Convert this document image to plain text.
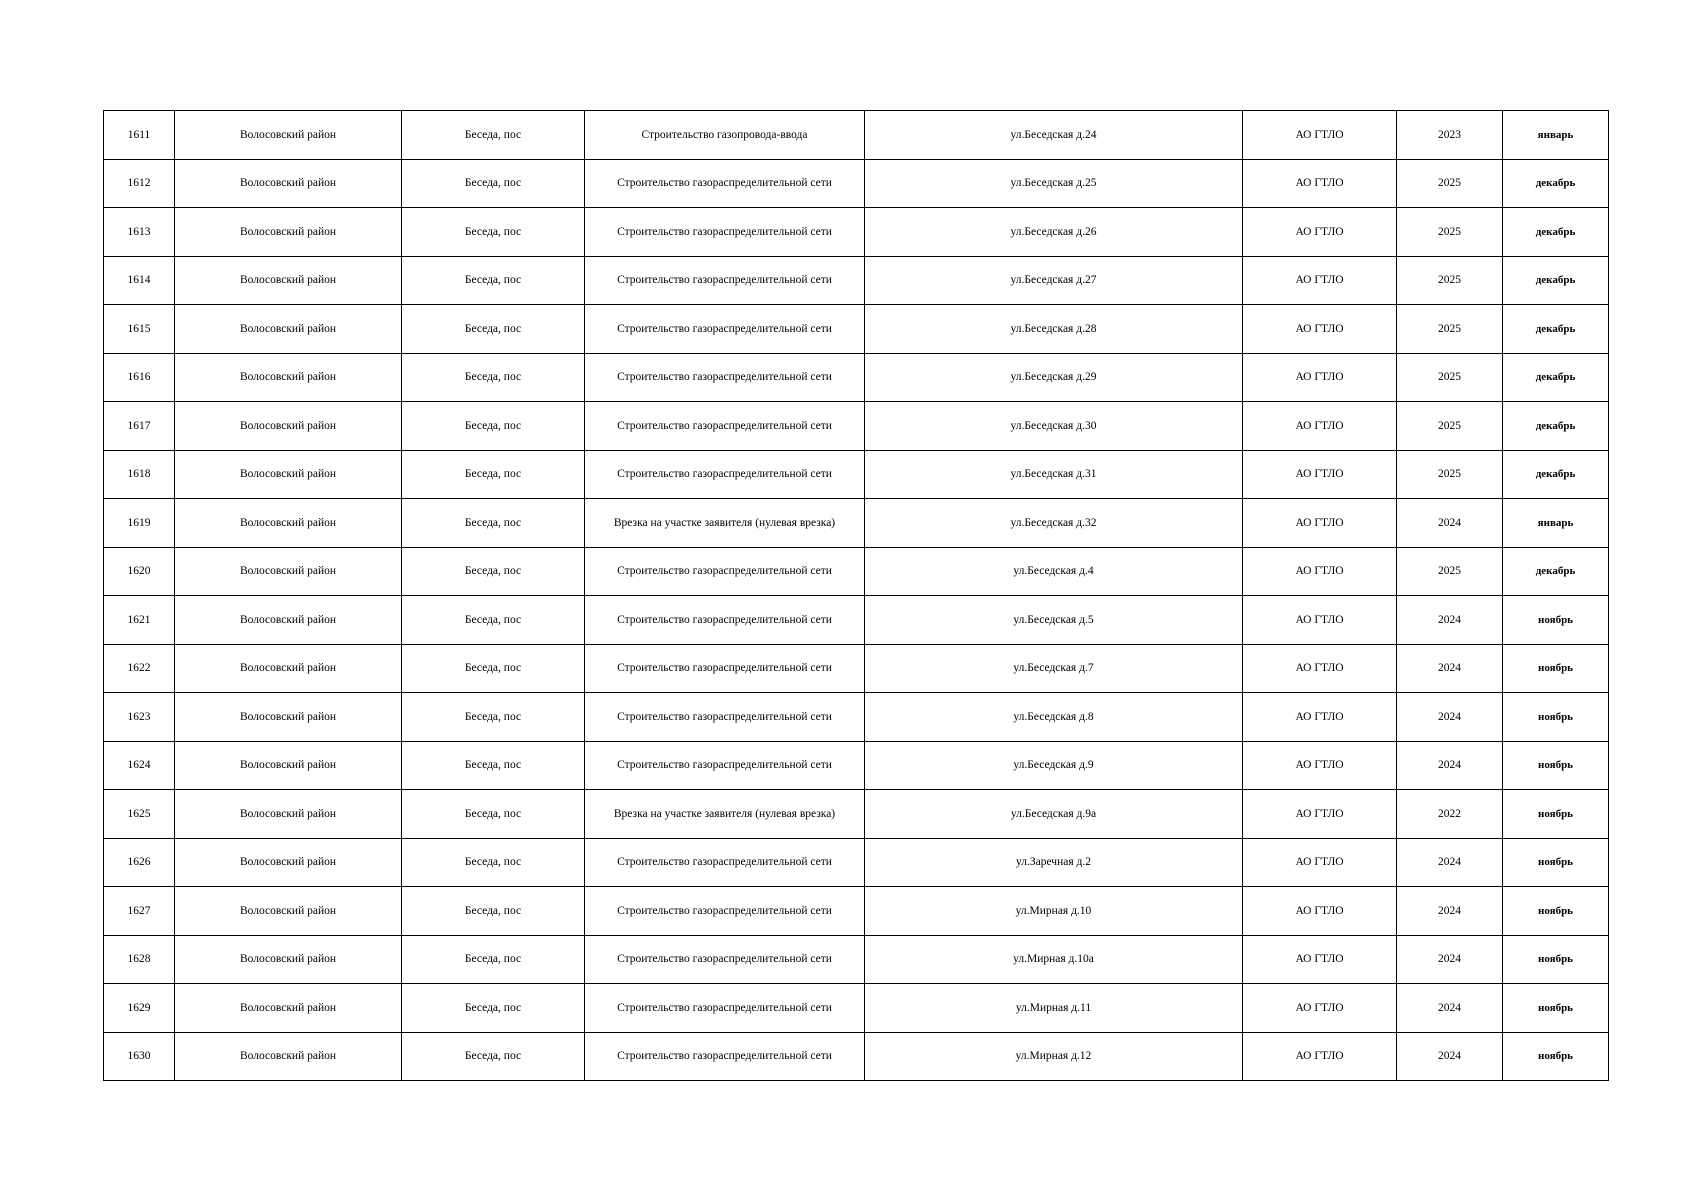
1611	Волосовский район	Беседа, пос	Строительство газопровода-ввода	ул.Беседская д.24	АО ГТЛО	2023	январь
1612	Волосовский район	Беседа, пос	Строительство газораспределительной сети	ул.Беседская д.25	АО ГТЛО	2025	декабрь
1613	Волосовский район	Беседа, пос	Строительство газораспределительной сети	ул.Беседская д.26	АО ГТЛО	2025	декабрь
1614	Волосовский район	Беседа, пос	Строительство газораспределительной сети	ул.Беседская д.27	АО ГТЛО	2025	декабрь
1615	Волосовский район	Беседа, пос	Строительство газораспределительной сети	ул.Беседская д.28	АО ГТЛО	2025	декабрь
1616	Волосовский район	Беседа, пос	Строительство газораспределительной сети	ул.Беседская д.29	АО ГТЛО	2025	декабрь
1617	Волосовский район	Беседа, пос	Строительство газораспределительной сети	ул.Беседская д.30	АО ГТЛО	2025	декабрь
1618	Волосовский район	Беседа, пос	Строительство газораспределительной сети	ул.Беседская д.31	АО ГТЛО	2025	декабрь
1619	Волосовский район	Беседа, пос	Врезка на участке заявителя (нулевая врезка)	ул.Беседская д.32	АО ГТЛО	2024	январь
1620	Волосовский район	Беседа, пос	Строительство газораспределительной сети	ул.Беседская д.4	АО ГТЛО	2025	декабрь
1621	Волосовский район	Беседа, пос	Строительство газораспределительной сети	ул.Беседская д.5	АО ГТЛО	2024	ноябрь
1622	Волосовский район	Беседа, пос	Строительство газораспределительной сети	ул.Беседская д.7	АО ГТЛО	2024	ноябрь
1623	Волосовский район	Беседа, пос	Строительство газораспределительной сети	ул.Беседская д.8	АО ГТЛО	2024	ноябрь
1624	Волосовский район	Беседа, пос	Строительство газораспределительной сети	ул.Беседская д.9	АО ГТЛО	2024	ноябрь
1625	Волосовский район	Беседа, пос	Врезка на участке заявителя (нулевая врезка)	ул.Беседская д.9а	АО ГТЛО	2022	ноябрь
1626	Волосовский район	Беседа, пос	Строительство газораспределительной сети	ул.Заречная д.2	АО ГТЛО	2024	ноябрь
1627	Волосовский район	Беседа, пос	Строительство газораспределительной сети	ул.Мирная д.10	АО ГТЛО	2024	ноябрь
1628	Волосовский район	Беседа, пос	Строительство газораспределительной сети	ул.Мирная д.10а	АО ГТЛО	2024	ноябрь
1629	Волосовский район	Беседа, пос	Строительство газораспределительной сети	ул.Мирная д.11	АО ГТЛО	2024	ноябрь
1630	Волосовский район	Беседа, пос	Строительство газораспределительной сети	ул.Мирная д.12	АО ГТЛО	2024	ноябрь
